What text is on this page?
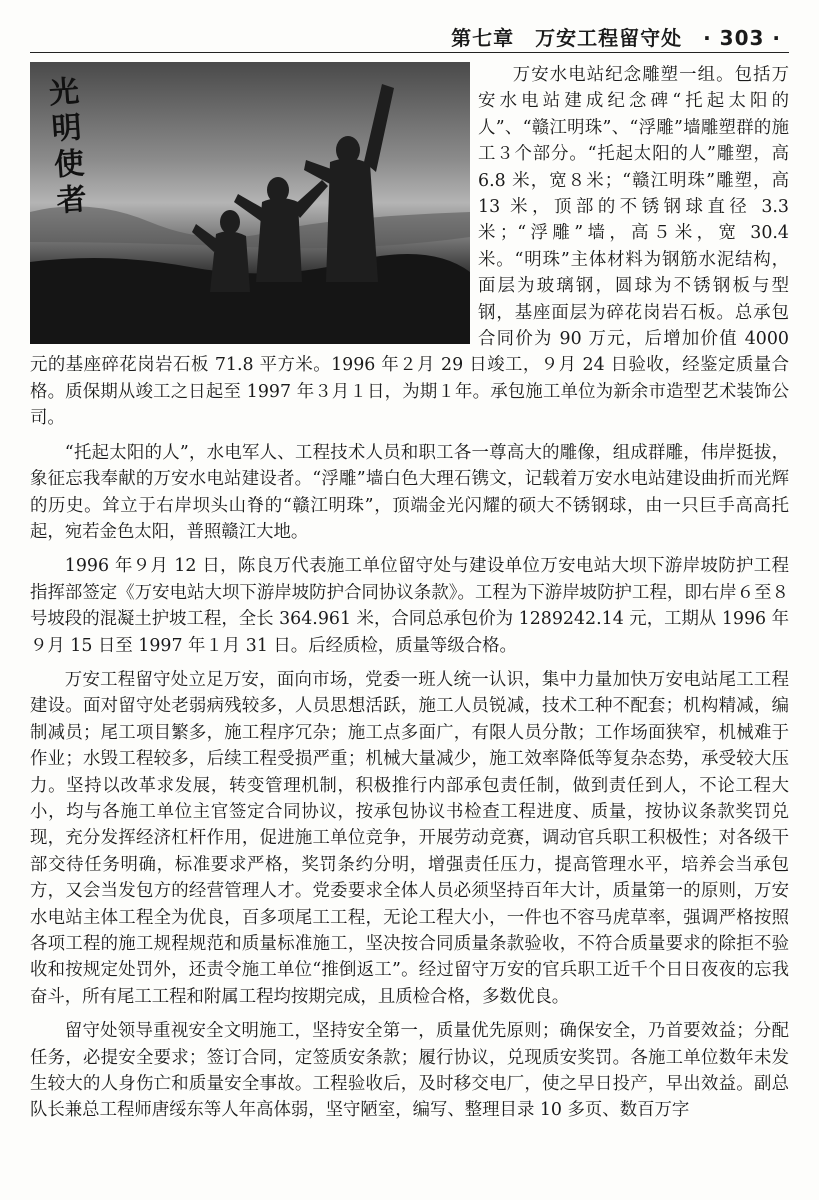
第七章　万安工程留守处　· 303 ·
光明使者	万安水电站纪念雕塑一组。包括万安水电站建成纪念碑“托起太阳的人”、“赣江明珠”、“浮雕”墙雕塑群的施工３个部分。“托起太阳的人”雕塑，高 6.8 米，宽８米；“赣江明珠”雕塑，高 13 米，顶部的不锈钢球直径 3.3 米；“浮雕”墙，高５米，宽 30.4 米。“明珠”主体材料为钢筋水泥结构，面层为玻璃钢，圆球为不锈钢板与型钢，基座面层为碎花岗岩石板。总承包合同价为 90 万元，后增加价值 4000 元的基座碎花岗岩石板 71.8 平方米。1996 年２月 29 日竣工，９月 24 日验收，经鉴定质量合格。质保期从竣工之日起至 1997 年３月１日，为期１年。承包施工单位为新余市造型艺术装饰公司。

“托起太阳的人”，水电军人、工程技术人员和职工各一尊高大的雕像，组成群雕，伟岸挺拔，象征忘我奉献的万安水电站建设者。“浮雕”墙白色大理石镌文，记载着万安水电站建设曲折而光辉的历史。耸立于右岸坝头山脊的“赣江明珠”，顶端金光闪耀的硕大不锈钢球，由一只巨手高高托起，宛若金色太阳，普照赣江大地。

1996 年９月 12 日，陈良万代表施工单位留守处与建设单位万安电站大坝下游岸坡防护工程指挥部签定《万安电站大坝下游岸坡防护合同协议条款》。工程为下游岸坡防护工程，即右岸６至８号坡段的混凝土护坡工程，全长 364.961 米，合同总承包价为 1289242.14 元，工期从 1996 年９月 15 日至 1997 年１月 31 日。后经质检，质量等级合格。

万安工程留守处立足万安，面向市场，党委一班人统一认识，集中力量加快万安电站尾工工程建设。面对留守处老弱病残较多，人员思想活跃，施工人员锐减，技术工种不配套；机构精减，编制减员；尾工项目繁多，施工程序冗杂；施工点多面广，有限人员分散；工作场面狭窄，机械难于作业；水毁工程较多，后续工程受损严重；机械大量减少，施工效率降低等复杂态势，承受较大压力。坚持以改革求发展，转变管理机制，积极推行内部承包责任制，做到责任到人，不论工程大小，均与各施工单位主官签定合同协议，按承包协议书检查工程进度、质量，按协议条款奖罚兑现，充分发挥经济杠杆作用，促进施工单位竞争，开展劳动竞赛，调动官兵职工积极性；对各级干部交待任务明确，标准要求严格，奖罚条约分明，增强责任压力，提高管理水平，培养会当承包方，又会当发包方的经营管理人才。党委要求全体人员必须坚持百年大计，质量第一的原则，万安水电站主体工程全为优良，百多项尾工工程，无论工程大小，一件也不容马虎草率，强调严格按照各项工程的施工规程规范和质量标准施工，坚决按合同质量条款验收，不符合质量要求的除拒不验收和按规定处罚外，还责令施工单位“推倒返工”。经过留守万安的官兵职工近千个日日夜夜的忘我奋斗，所有尾工工程和附属工程均按期完成，且质检合格，多数优良。

留守处领导重视安全文明施工，坚持安全第一，质量优先原则；确保安全，乃首要效益；分配任务，必提安全要求；签订合同，定签质安条款；履行协议，兑现质安奖罚。各施工单位数年未发生较大的人身伤亡和质量安全事故。工程验收后，及时移交电厂，使之早日投产，早出效益。副总队长兼总工程师唐绥东等人年高体弱，坚守陋室，编写、整理目录 10 多页、数百万字
